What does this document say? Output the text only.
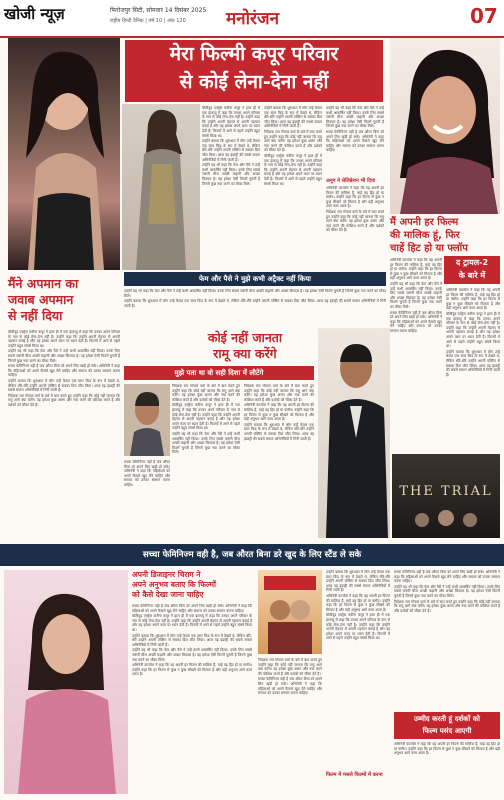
खोजी न्यूज़	फिरोजपुर सिटी, सोमवार 14 दिसंबर 2025
राष्ट्रीय हिन्दी दैनिक | वर्ष 10 | अंक 120 मनोरंजन	07
मेरा फिल्मी कपूर परिवार
से कोई लेना-देना नहीं

बॉलीवुड एक्ट्रेस करीना कपूर ने हाल ही में एक इंटरव्यू में कहा कि उनका अपने परिवार के नाम से कोई लेना-देना नहीं है। उन्होंने कहा कि उन्होंने अपनी मेहनत से अपनी पहचान बनाई है और वह हमेशा अपने काम पर ध्यान देती हैं। फिल्मों में आने से पहले उन्होंने बहुत संघर्ष किया था।

उन्होंने बताया कि शुरुआत में लोग उन्हें केवल एक स्टार किड के रूप में देखते थे, लेकिन धीरे-धीरे उन्होंने अपनी एक्टिंग से सबका दिल जीत लिया। आज वह इंडस्ट्री की सबसे सफल अभिनेत्रियों में गिनी जाती हैं।

उन्होंने यह भी कहा कि फेम और पैसे ने उन्हें कभी आकर्षित नहीं किया। उनके लिए सबसे जरूरी चीज अच्छी कहानी और अच्छा किरदार है। वह हमेशा ऐसी फिल्में चुनती हैं जिनमें कुछ नया करने का मौका मिले।

उन्होंने बताया कि शुरुआत में लोग उन्हें केवल एक स्टार किड के रूप में देखते थे, लेकिन धीरे-धीरे उन्होंने अपनी एक्टिंग से सबका दिल जीत लिया। आज वह इंडस्ट्री की सबसे सफल अभिनेत्रियों में गिनी जाती हैं।

निर्देशक राम गोपाल वर्मा के बारे में बात करते हुए उन्होंने कहा कि कोई नहीं जानता कि रामू आगे क्या करेंगे। वह हमेशा कुछ अलग और नया करने की कोशिश करते हैं और दर्शकों को चौंका देते हैं।

बॉलीवुड एक्ट्रेस करीना कपूर ने हाल ही में एक इंटरव्यू में कहा कि उनका अपने परिवार के नाम से कोई लेना-देना नहीं है। उन्होंने कहा कि उन्होंने अपनी मेहनत से अपनी पहचान बनाई है और वह हमेशा अपने काम पर ध्यान देती हैं। फिल्मों में आने से पहले उन्होंने बहुत संघर्ष किया था।

उन्होंने यह भी कहा कि फेम और पैसे ने उन्हें कभी आकर्षित नहीं किया। उनके लिए सबसे जरूरी चीज अच्छी कहानी और अच्छा किरदार है। वह हमेशा ऐसी फिल्में चुनती हैं जिनमें कुछ नया करने का मौका मिले।

सच्चा फेमिनिज्म वही है जब औरत बिना डरे अपने लिए खड़ी हो सके। अभिनेत्री ने कहा कि महिलाओं को अपने फैसले खुद लेने चाहिए और समाज को उनका सम्मान करना चाहिए।

अनूप ने सेलिब्रेशन भी दिया

अभिनेत्री काजोल ने कहा कि वह अपनी हर फिल्म की मालिक हैं, चाहे वह हिट हो या फ्लॉप। उन्होंने कहा कि हर फिल्म से कुछ न कुछ सीखने को मिलता है और यही अनुभव आगे काम आता है।

निर्देशक राम गोपाल वर्मा के बारे में बात करते हुए उन्होंने कहा कि कोई नहीं जानता कि रामू आगे क्या करेंगे। वह हमेशा कुछ अलग और नया करने की कोशिश करते हैं और दर्शकों को चौंका देते हैं।

मैंने अपमान का
जवाब अपमान
से नहीं दिया

बॉलीवुड एक्ट्रेस करीना कपूर ने हाल ही में एक इंटरव्यू में कहा कि उनका अपने परिवार के नाम से कोई लेना-देना नहीं है। उन्होंने कहा कि उन्होंने अपनी मेहनत से अपनी पहचान बनाई है और वह हमेशा अपने काम पर ध्यान देती हैं। फिल्मों में आने से पहले उन्होंने बहुत संघर्ष किया था।

उन्होंने यह भी कहा कि फेम और पैसे ने उन्हें कभी आकर्षित नहीं किया। उनके लिए सबसे जरूरी चीज अच्छी कहानी और अच्छा किरदार है। वह हमेशा ऐसी फिल्में चुनती हैं जिनमें कुछ नया करने का मौका मिले।

सच्चा फेमिनिज्म वही है जब औरत बिना डरे अपने लिए खड़ी हो सके। अभिनेत्री ने कहा कि महिलाओं को अपने फैसले खुद लेने चाहिए और समाज को उनका सम्मान करना चाहिए।

उन्होंने बताया कि शुरुआत में लोग उन्हें केवल एक स्टार किड के रूप में देखते थे, लेकिन धीरे-धीरे उन्होंने अपनी एक्टिंग से सबका दिल जीत लिया। आज वह इंडस्ट्री की सबसे सफल अभिनेत्रियों में गिनी जाती हैं।

निर्देशक राम गोपाल वर्मा के बारे में बात करते हुए उन्होंने कहा कि कोई नहीं जानता कि रामू आगे क्या करेंगे। वह हमेशा कुछ अलग और नया करने की कोशिश करते हैं और दर्शकों को चौंका देते हैं।

मैं अपनी हर फिल्म
की मालिक हूं, फिर
चाहें हिट हो या फ्लॉप
फेम और पैसे ने मुझे कभी अट्रैक्ट नहीं किया

उन्होंने यह भी कहा कि फेम और पैसे ने उन्हें कभी आकर्षित नहीं किया। उनके लिए सबसे जरूरी चीज अच्छी कहानी और अच्छा किरदार है। वह हमेशा ऐसी फिल्में चुनती हैं जिनमें कुछ नया करने का मौका मिले।

उन्होंने बताया कि शुरुआत में लोग उन्हें केवल एक स्टार किड के रूप में देखते थे, लेकिन धीरे-धीरे उन्होंने अपनी एक्टिंग से सबका दिल जीत लिया। आज वह इंडस्ट्री की सबसे सफल अभिनेत्रियों में गिनी जाती हैं।

कोई नहीं जानता
रामू क्या करेंगे
मुझे पता था वो सही दिशा में लौटेंगे

निर्देशक राम गोपाल वर्मा के बारे में बात करते हुए उन्होंने कहा कि कोई नहीं जानता कि रामू आगे क्या करेंगे। वह हमेशा कुछ अलग और नया करने की कोशिश करते हैं और दर्शकों को चौंका देते हैं।

बॉलीवुड एक्ट्रेस करीना कपूर ने हाल ही में एक इंटरव्यू में कहा कि उनका अपने परिवार के नाम से कोई लेना-देना नहीं है। उन्होंने कहा कि उन्होंने अपनी मेहनत से अपनी पहचान बनाई है और वह हमेशा अपने काम पर ध्यान देती हैं। फिल्मों में आने से पहले उन्होंने बहुत संघर्ष किया था।

उन्होंने यह भी कहा कि फेम और पैसे ने उन्हें कभी आकर्षित नहीं किया। उनके लिए सबसे जरूरी चीज अच्छी कहानी और अच्छा किरदार है। वह हमेशा ऐसी फिल्में चुनती हैं जिनमें कुछ नया करने का मौका मिले।

निर्देशक राम गोपाल वर्मा के बारे में बात करते हुए उन्होंने कहा कि कोई नहीं जानता कि रामू आगे क्या करेंगे। वह हमेशा कुछ अलग और नया करने की कोशिश करते हैं और दर्शकों को चौंका देते हैं।

अभिनेत्री काजोल ने कहा कि वह अपनी हर फिल्म की मालिक हैं, चाहे वह हिट हो या फ्लॉप। उन्होंने कहा कि हर फिल्म से कुछ न कुछ सीखने को मिलता है और यही अनुभव आगे काम आता है।

उन्होंने बताया कि शुरुआत में लोग उन्हें केवल एक स्टार किड के रूप में देखते थे, लेकिन धीरे-धीरे उन्होंने अपनी एक्टिंग से सबका दिल जीत लिया। आज वह इंडस्ट्री की सबसे सफल अभिनेत्रियों में गिनी जाती हैं।

सच्चा फेमिनिज्म वही है जब औरत बिना डरे अपने लिए खड़ी हो सके। अभिनेत्री ने कहा कि महिलाओं को अपने फैसले खुद लेने चाहिए और समाज को उनका सम्मान करना चाहिए।

अभिनेत्री काजोल ने कहा कि वह अपनी हर फिल्म की मालिक हैं, चाहे वह हिट हो या फ्लॉप। उन्होंने कहा कि हर फिल्म से कुछ न कुछ सीखने को मिलता है और यही अनुभव आगे काम आता है।

उन्होंने यह भी कहा कि फेम और पैसे ने उन्हें कभी आकर्षित नहीं किया। उनके लिए सबसे जरूरी चीज अच्छी कहानी और अच्छा किरदार है। वह हमेशा ऐसी फिल्में चुनती हैं जिनमें कुछ नया करने का मौका मिले।

सच्चा फेमिनिज्म वही है जब औरत बिना डरे अपने लिए खड़ी हो सके। अभिनेत्री ने कहा कि महिलाओं को अपने फैसले खुद लेने चाहिए और समाज को उनका सम्मान करना चाहिए।

द ट्रायल-2
के बारे में

अभिनेत्री काजोल ने कहा कि वह अपनी हर फिल्म की मालिक हैं, चाहे वह हिट हो या फ्लॉप। उन्होंने कहा कि हर फिल्म से कुछ न कुछ सीखने को मिलता है और यही अनुभव आगे काम आता है।

बॉलीवुड एक्ट्रेस करीना कपूर ने हाल ही में एक इंटरव्यू में कहा कि उनका अपने परिवार के नाम से कोई लेना-देना नहीं है। उन्होंने कहा कि उन्होंने अपनी मेहनत से अपनी पहचान बनाई है और वह हमेशा अपने काम पर ध्यान देती हैं। फिल्मों में आने से पहले उन्होंने बहुत संघर्ष किया था।

उन्होंने बताया कि शुरुआत में लोग उन्हें केवल एक स्टार किड के रूप में देखते थे, लेकिन धीरे-धीरे उन्होंने अपनी एक्टिंग से सबका दिल जीत लिया। आज वह इंडस्ट्री की सबसे सफल अभिनेत्रियों में गिनी जाती हैं।

THE TRIAL
सच्चा फेमिनिज्म वही है, जब औरत बिना डरे खुद के लिए स्टैंड ले सके
अपनी डिजाइनर चिराग ने
अपने अनुभव बताए कि फिल्मों
को कैसे देखा जाना चाहिए

सच्चा फेमिनिज्म वही है जब औरत बिना डरे अपने लिए खड़ी हो सके। अभिनेत्री ने कहा कि महिलाओं को अपने फैसले खुद लेने चाहिए और समाज को उनका सम्मान करना चाहिए।

बॉलीवुड एक्ट्रेस करीना कपूर ने हाल ही में एक इंटरव्यू में कहा कि उनका अपने परिवार के नाम से कोई लेना-देना नहीं है। उन्होंने कहा कि उन्होंने अपनी मेहनत से अपनी पहचान बनाई है और वह हमेशा अपने काम पर ध्यान देती हैं। फिल्मों में आने से पहले उन्होंने बहुत संघर्ष किया था।

उन्होंने बताया कि शुरुआत में लोग उन्हें केवल एक स्टार किड के रूप में देखते थे, लेकिन धीरे-धीरे उन्होंने अपनी एक्टिंग से सबका दिल जीत लिया। आज वह इंडस्ट्री की सबसे सफल अभिनेत्रियों में गिनी जाती हैं।

उन्होंने यह भी कहा कि फेम और पैसे ने उन्हें कभी आकर्षित नहीं किया। उनके लिए सबसे जरूरी चीज अच्छी कहानी और अच्छा किरदार है। वह हमेशा ऐसी फिल्में चुनती हैं जिनमें कुछ नया करने का मौका मिले।

अभिनेत्री काजोल ने कहा कि वह अपनी हर फिल्म की मालिक हैं, चाहे वह हिट हो या फ्लॉप। उन्होंने कहा कि हर फिल्म से कुछ न कुछ सीखने को मिलता है और यही अनुभव आगे काम आता है।

निर्देशक राम गोपाल वर्मा के बारे में बात करते हुए उन्होंने कहा कि कोई नहीं जानता कि रामू आगे क्या करेंगे। वह हमेशा कुछ अलग और नया करने की कोशिश करते हैं और दर्शकों को चौंका देते हैं।

सच्चा फेमिनिज्म वही है जब औरत बिना डरे अपने लिए खड़ी हो सके। अभिनेत्री ने कहा कि महिलाओं को अपने फैसले खुद लेने चाहिए और समाज को उनका सम्मान करना चाहिए।

फिल्म में मसले फिल्मों में करना

उन्होंने बताया कि शुरुआत में लोग उन्हें केवल एक स्टार किड के रूप में देखते थे, लेकिन धीरे-धीरे उन्होंने अपनी एक्टिंग से सबका दिल जीत लिया। आज वह इंडस्ट्री की सबसे सफल अभिनेत्रियों में गिनी जाती हैं।

अभिनेत्री काजोल ने कहा कि वह अपनी हर फिल्म की मालिक हैं, चाहे वह हिट हो या फ्लॉप। उन्होंने कहा कि हर फिल्म से कुछ न कुछ सीखने को मिलता है और यही अनुभव आगे काम आता है।

बॉलीवुड एक्ट्रेस करीना कपूर ने हाल ही में एक इंटरव्यू में कहा कि उनका अपने परिवार के नाम से कोई लेना-देना नहीं है। उन्होंने कहा कि उन्होंने अपनी मेहनत से अपनी पहचान बनाई है और वह हमेशा अपने काम पर ध्यान देती हैं। फिल्मों में आने से पहले उन्होंने बहुत संघर्ष किया था।

सच्चा फेमिनिज्म वही है जब औरत बिना डरे अपने लिए खड़ी हो सके। अभिनेत्री ने कहा कि महिलाओं को अपने फैसले खुद लेने चाहिए और समाज को उनका सम्मान करना चाहिए।

उन्होंने यह भी कहा कि फेम और पैसे ने उन्हें कभी आकर्षित नहीं किया। उनके लिए सबसे जरूरी चीज अच्छी कहानी और अच्छा किरदार है। वह हमेशा ऐसी फिल्में चुनती हैं जिनमें कुछ नया करने का मौका मिले।

निर्देशक राम गोपाल वर्मा के बारे में बात करते हुए उन्होंने कहा कि कोई नहीं जानता कि रामू आगे क्या करेंगे। वह हमेशा कुछ अलग और नया करने की कोशिश करते हैं और दर्शकों को चौंका देते हैं।

उम्मीद करती हूं दर्शकों को
फिल्म पसंद आएगी

अभिनेत्री काजोल ने कहा कि वह अपनी हर फिल्म की मालिक हैं, चाहे वह हिट हो या फ्लॉप। उन्होंने कहा कि हर फिल्म से कुछ न कुछ सीखने को मिलता है और यही अनुभव आगे काम आता है।
